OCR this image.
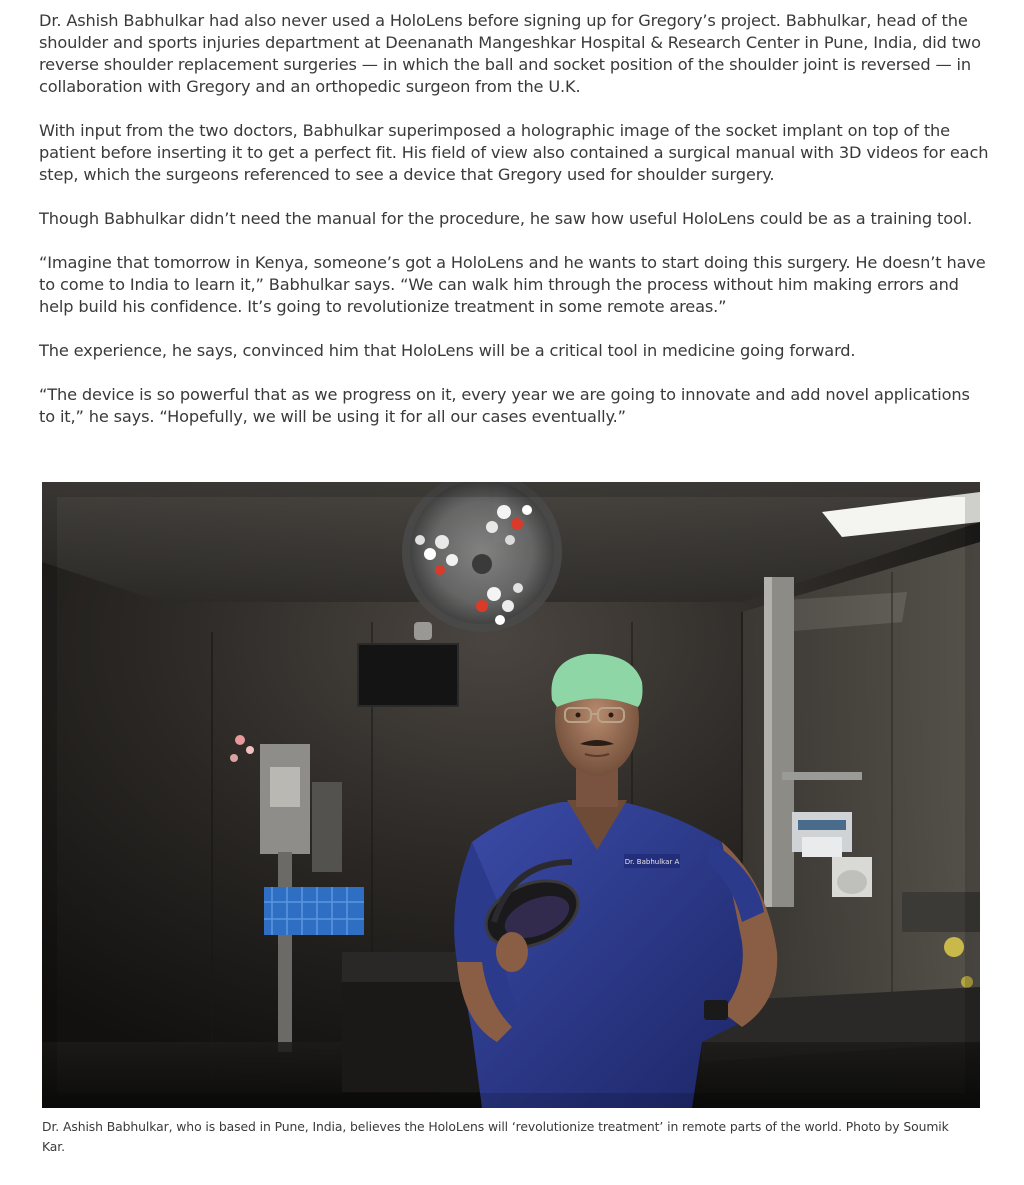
Dr. Ashish Babhulkar had also never used a HoloLens before signing up for Gregory’s project. Babhulkar, head of the shoulder and sports injuries department at Deenanath Mangeshkar Hospital & Research Center in Pune, India, did two reverse shoulder replacement surgeries — in which the ball and socket position of the shoulder joint is reversed — in collaboration with Gregory and an orthopedic surgeon from the U.K.

With input from the two doctors, Babhulkar superimposed a holographic image of the socket implant on top of the patient before inserting it to get a perfect fit. His field of view also contained a surgical manual with 3D videos for each step, which the surgeons referenced to see a device that Gregory used for shoulder surgery.

Though Babhulkar didn’t need the manual for the procedure, he saw how useful HoloLens could be as a training tool.

“Imagine that tomorrow in Kenya, someone’s got a HoloLens and he wants to start doing this surgery. He doesn’t have to come to India to learn it,” Babhulkar says. “We can walk him through the process without him making errors and help build his confidence. It’s going to revolutionize treatment in some remote areas.”

The experience, he says, convinced him that HoloLens will be a critical tool in medicine going forward.

“The device is so powerful that as we progress on it, every year we are going to innovate and add novel applications to it,” he says. “Hopefully, we will be using it for all our cases eventually.”

Dr. Babhulkar A
Dr. Ashish Babhulkar, who is based in Pune, India, believes the HoloLens will ‘revolutionize treatment’ in remote parts of the world. Photo by Soumik Kar.
